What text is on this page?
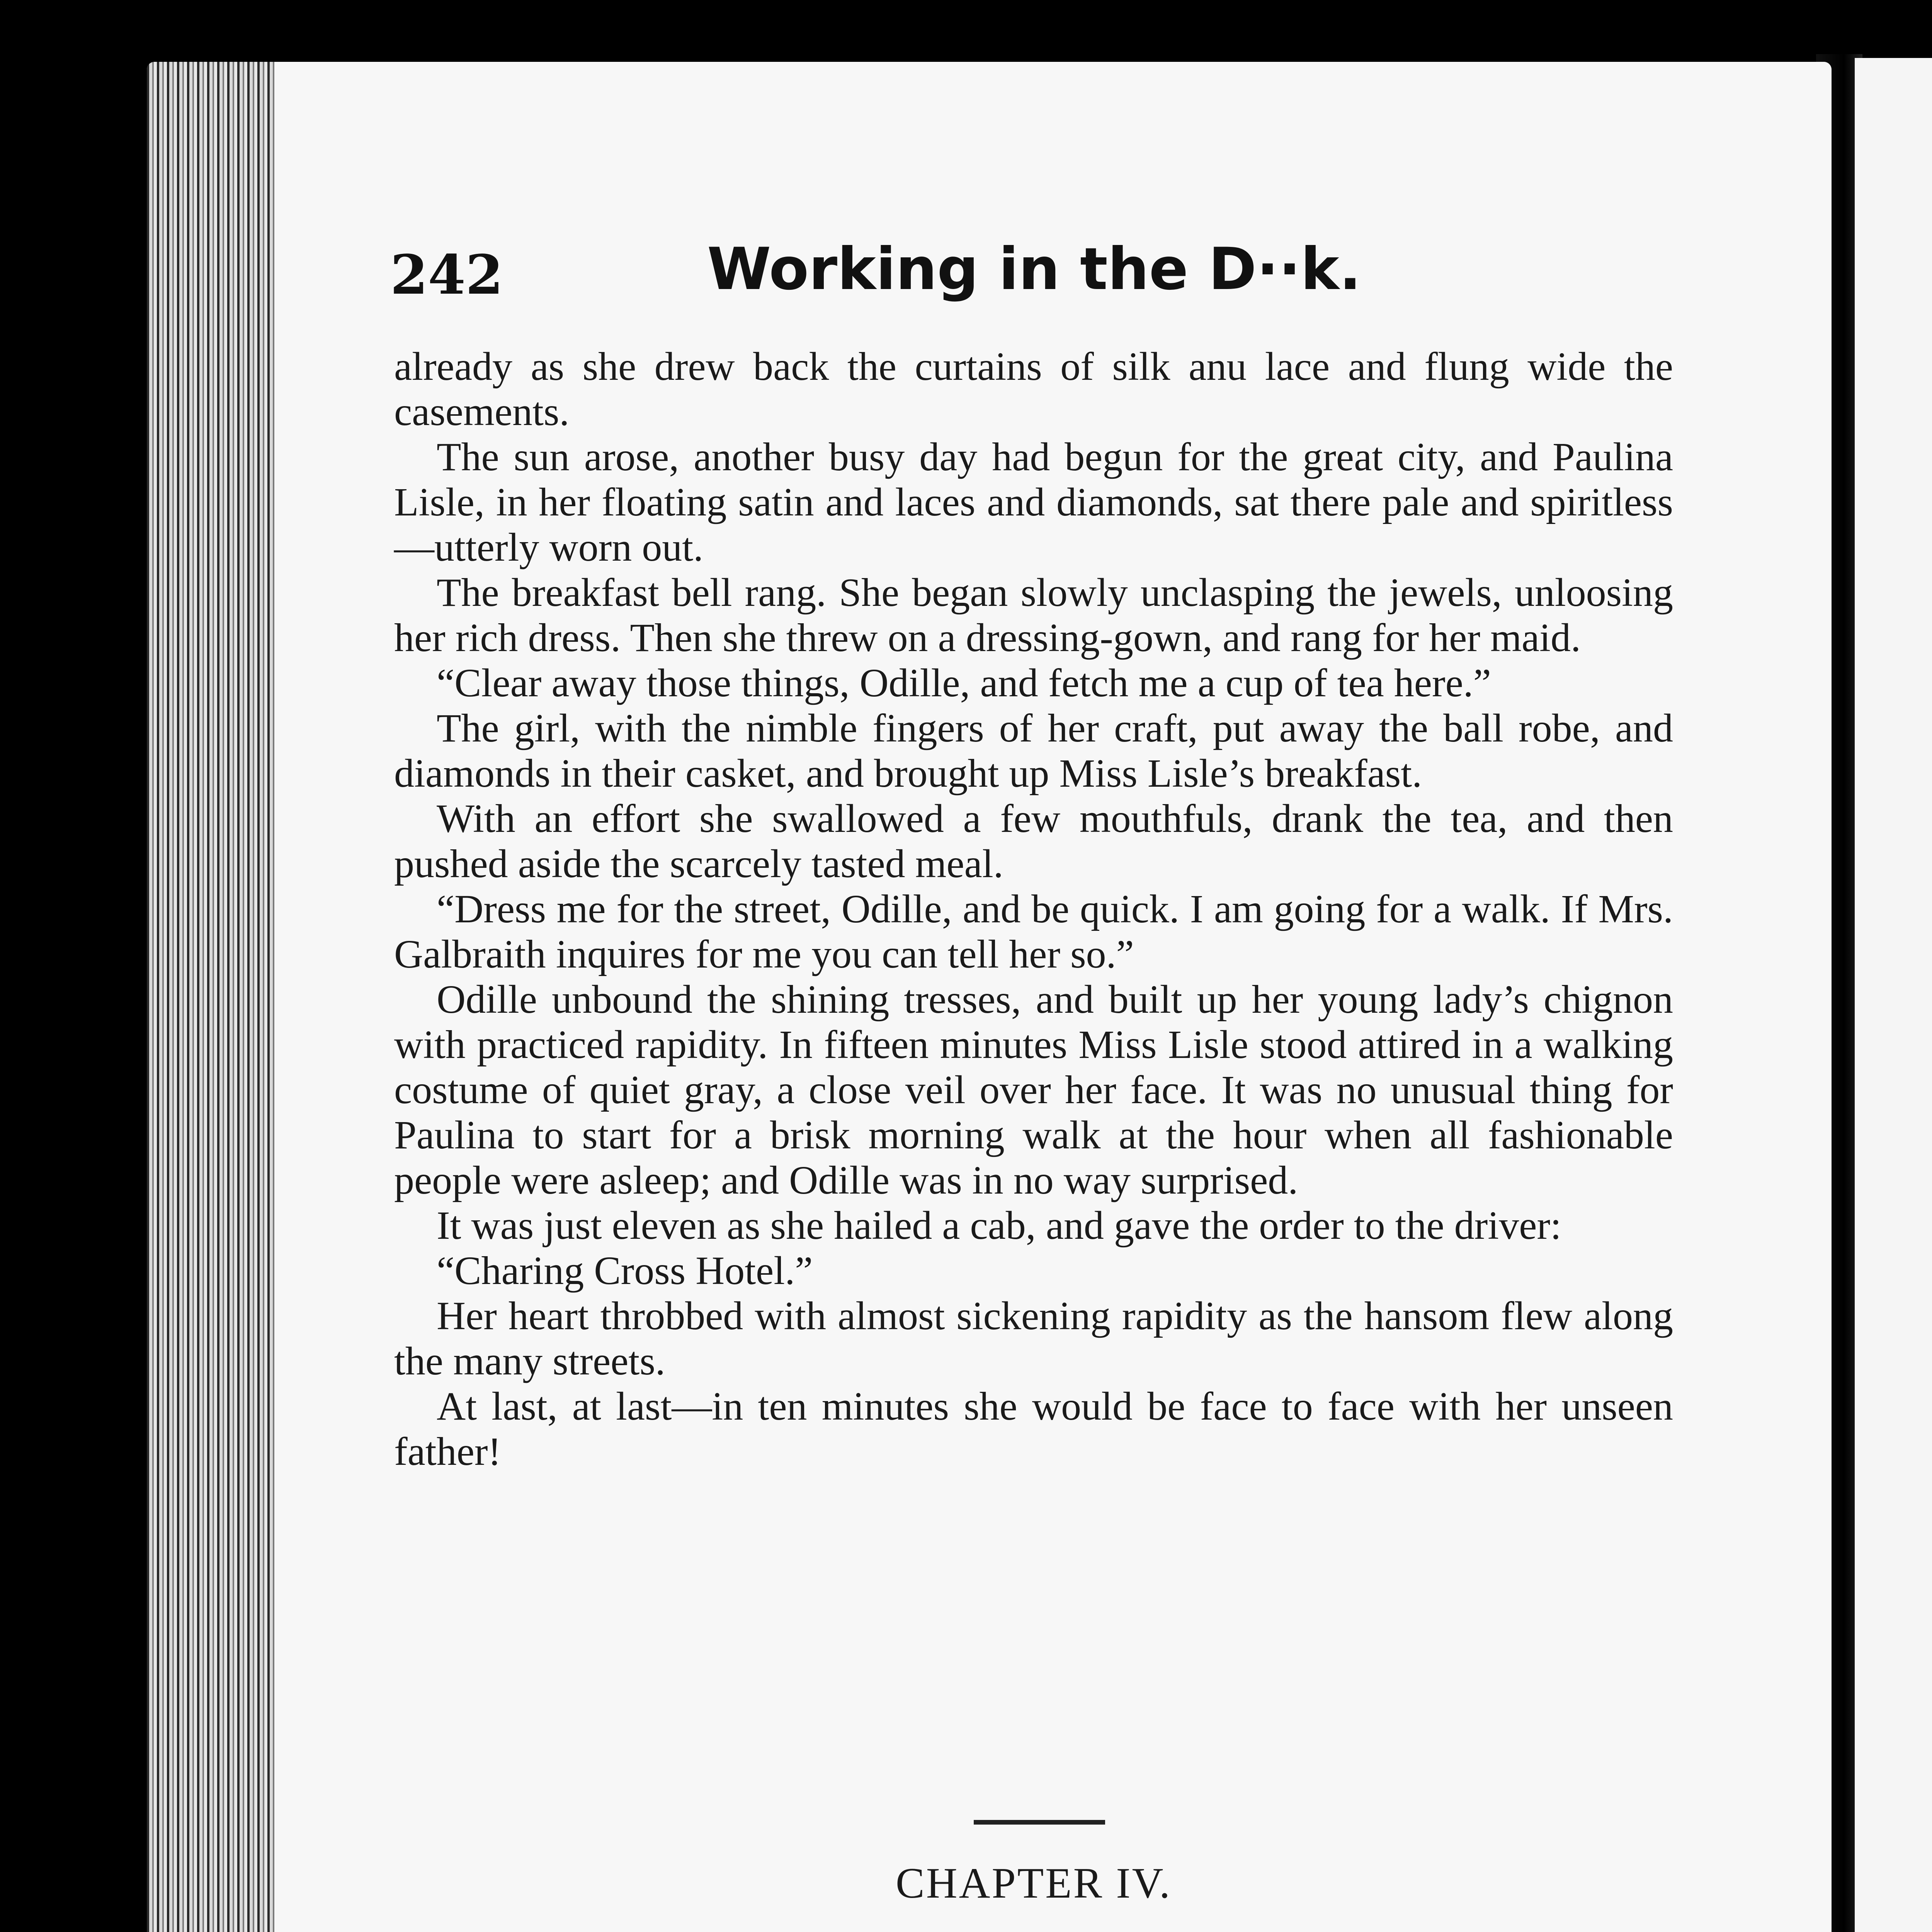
242	Working in the D··k.

already as she drew back the curtains of silk anu lace and flung wide the casements.

The sun arose, another busy day had begun for the great city, and Paulina Lisle, in her floating satin and laces and diamonds, sat there pale and spiritless—utterly worn out.

The breakfast bell rang. She began slowly unclasping the jewels, unloosing her rich dress. Then she threw on a dressing-gown, and rang for her maid.

“Clear away those things, Odille, and fetch me a cup of tea here.”

The girl, with the nimble fingers of her craft, put away the ball robe, and diamonds in their casket, and brought up Miss Lisle’s breakfast.

With an effort she swallowed a few mouthfuls, drank the tea, and then pushed aside the scarcely tasted meal.

“Dress me for the street, Odille, and be quick. I am going for a walk. If Mrs. Galbraith inquires for me you can tell her so.”

Odille unbound the shining tresses, and built up her young lady’s chignon with practiced rapidity. In fifteen minutes Miss Lisle stood attired in a walking costume of quiet gray, a close veil over her face. It was no unusual thing for Paulina to start for a brisk morning walk at the hour when all fashionable people were asleep; and Odille was in no way surprised.

It was just eleven as she hailed a cab, and gave the order to the driver:

“Charing Cross Hotel.”

Her heart throbbed with almost sickening rapidity as the hansom flew along the many streets.

At last, at last—in ten minutes she would be face to face with her unseen father!

CHAPTER IV.
